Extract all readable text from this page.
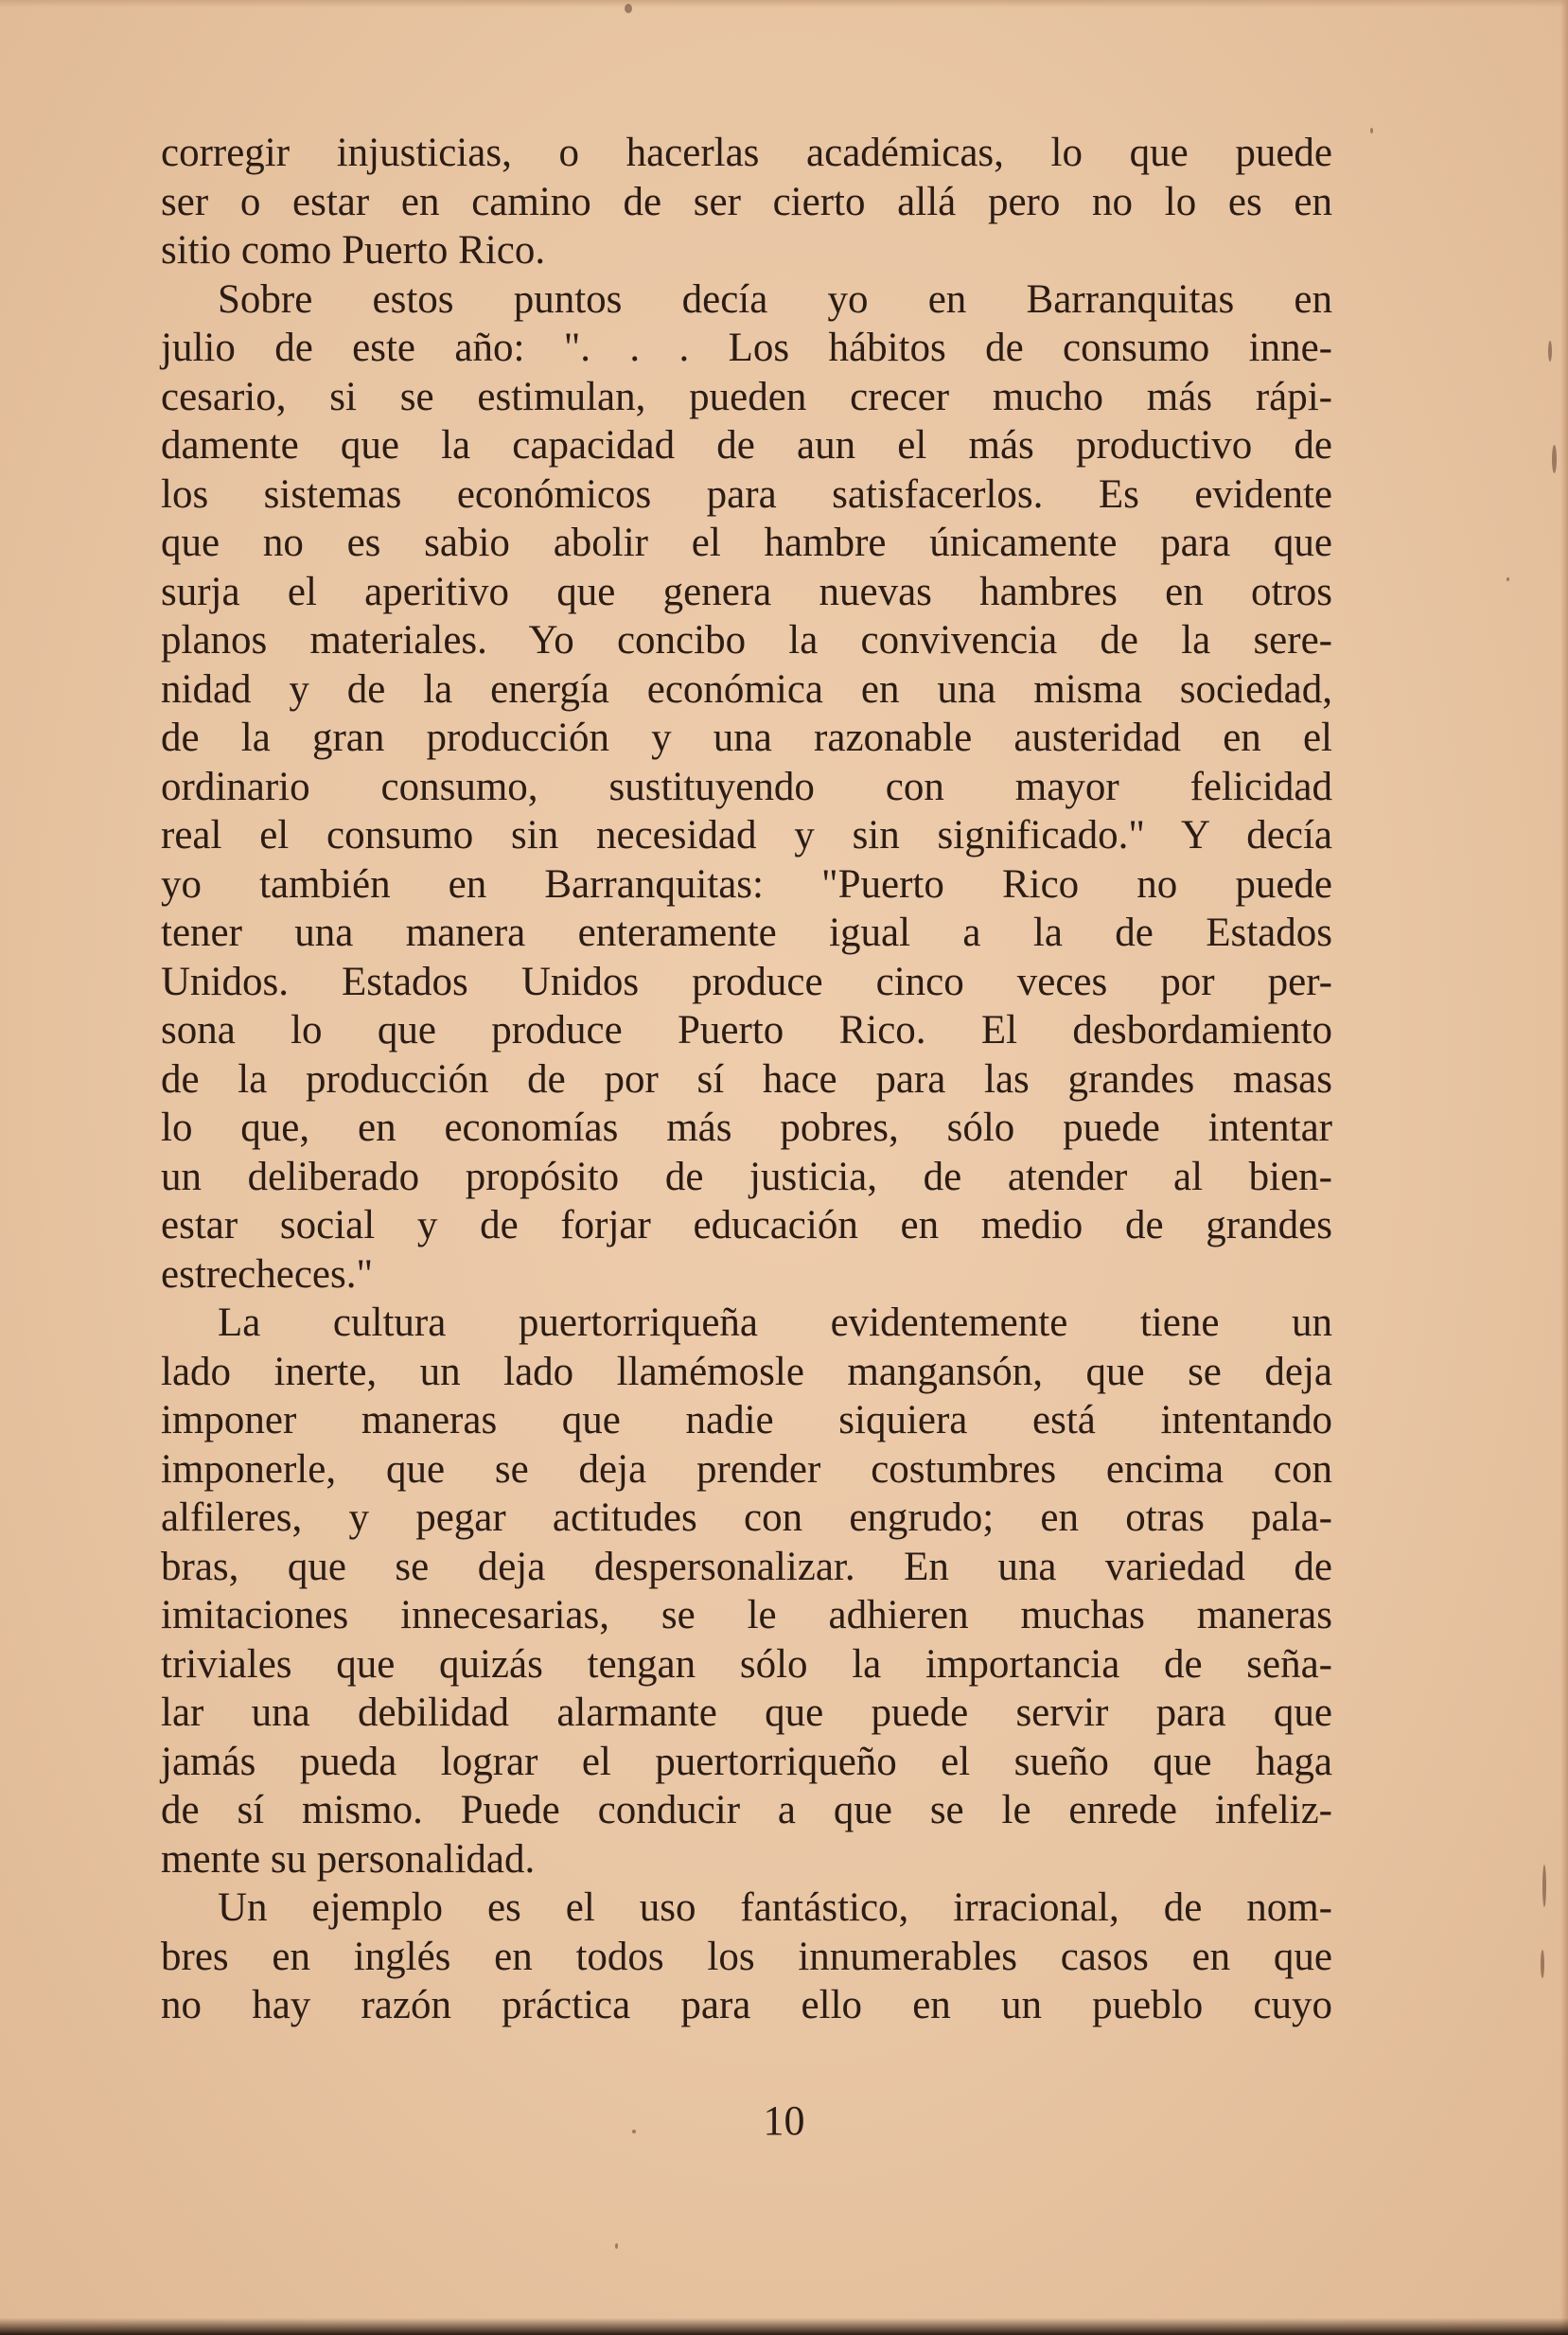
corregir injusticias, o hacerlas académicas, lo que puede
ser o estar en camino de ser cierto allá pero no lo es en
sitio como Puerto Rico.
Sobre estos puntos decía yo en Barranquitas en
julio de este año: ". . . Los hábitos de consumo inne-
cesario, si se estimulan, pueden crecer mucho más rápi-
damente que la capacidad de aun el más productivo de
los sistemas económicos para satisfacerlos. Es evidente
que no es sabio abolir el hambre únicamente para que
surja el aperitivo que genera nuevas hambres en otros
planos materiales. Yo concibo la convivencia de la sere-
nidad y de la energía económica en una misma sociedad,
de la gran producción y una razonable austeridad en el
ordinario consumo, sustituyendo con mayor felicidad
real el consumo sin necesidad y sin significado." Y decía
yo también en Barranquitas: "Puerto Rico no puede
tener una manera enteramente igual a la de Estados
Unidos. Estados Unidos produce cinco veces por per-
sona lo que produce Puerto Rico. El desbordamiento
de la producción de por sí hace para las grandes masas
lo que, en economías más pobres, sólo puede intentar
un deliberado propósito de justicia, de atender al bien-
estar social y de forjar educación en medio de grandes
estrecheces."
La cultura puertorriqueña evidentemente tiene un
lado inerte, un lado llamémosle mangansón, que se deja
imponer maneras que nadie siquiera está intentando
imponerle, que se deja prender costumbres encima con
alfileres, y pegar actitudes con engrudo; en otras pala-
bras, que se deja despersonalizar. En una variedad de
imitaciones innecesarias, se le adhieren muchas maneras
triviales que quizás tengan sólo la importancia de seña-
lar una debilidad alarmante que puede servir para que
jamás pueda lograr el puertorriqueño el sueño que haga
de sí mismo. Puede conducir a que se le enrede infeliz-
mente su personalidad.
Un ejemplo es el uso fantástico, irracional, de nom-
bres en inglés en todos los innumerables casos en que
no hay razón práctica para ello en un pueblo cuyo
10
